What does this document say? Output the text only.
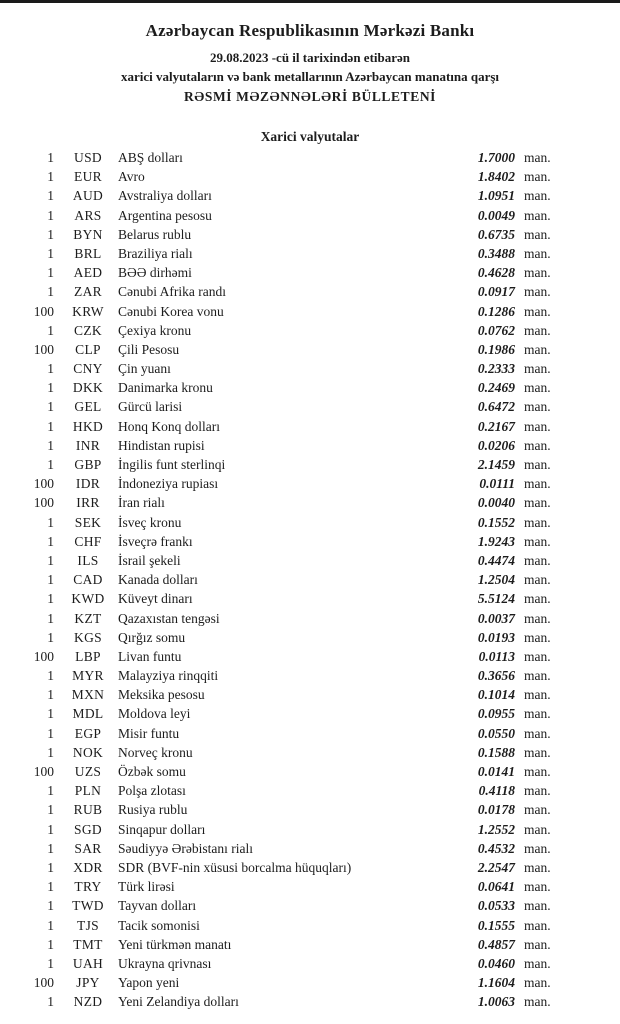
Azərbaycan Respublikasının Mərkəzi Bankı
29.08.2023 -cü il tarixindən etibarən
xarici valyutaların və bank metallarının Azərbaycan manatına qarşı
RƏSMİ MƏZƏNNƏLƏRİ BÜLLETENİ
Xarici valyutalar
1	USD	ABŞ dolları	1.7000 man.
1	EUR	Avro	1.8402 man.
1	AUD	Avstraliya dolları	1.0951 man.
1	ARS	Argentina pesosu	0.0049 man.
1	BYN	Belarus rublu	0.6735 man.
1	BRL	Braziliya rialı	0.3488 man.
1	AED	BƏƏ dirhəmi	0.4628 man.
1	ZAR	Cənubi Afrika randı	0.0917 man.
100	KRW	Cənubi Korea vonu	0.1286 man.
1	CZK	Çexiya kronu	0.0762 man.
100	CLP	Çili Pesosu	0.1986 man.
1	CNY	Çin yuanı	0.2333 man.
1	DKK	Danimarka kronu	0.2469 man.
1	GEL	Gürcü larisi	0.6472 man.
1	HKD	Honq Konq dolları	0.2167 man.
1	INR	Hindistan rupisi	0.0206 man.
1	GBP	İngilis funt sterlinqi	2.1459 man.
100	IDR	İndoneziya rupiası	0.0111 man.
100	IRR	İran rialı	0.0040 man.
1	SEK	İsveç kronu	0.1552 man.
1	CHF	İsveçrə frankı	1.9243 man.
1	ILS	İsrail şekeli	0.4474 man.
1	CAD	Kanada dolları	1.2504 man.
1	KWD Küveyt dinarı	5.5124 man.
1	KZT	Qazaxıstan tengəsi	0.0037 man.
1	KGS	Qırğız somu	0.0193 man.
100	LBP	Livan funtu	0.0113 man.
1	MYR	Malayziya rinqqiti	0.3656 man.
1	MXN	Meksika pesosu	0.1014 man.
1	MDL	Moldova leyi	0.0955 man.
1	EGP	Misir funtu	0.0550 man.
1	NOK	Norveç kronu	0.1588 man.
100	UZS	Özbək somu	0.0141 man.
1	PLN	Polşa zlotası	0.4118 man.
1	RUB	Rusiya rublu	0.0178 man.
1	SGD	Sinqapur dolları	1.2552 man.
1	SAR	Səudiyyə Ərəbistanı rialı	0.4532 man.
1	XDR	SDR (BVF-nin xüsusi borcalma hüquqları)	2.2547 man.
1	TRY	Türk lirəsi	0.0641 man.
1	TWD	Tayvan dolları	0.0533 man.
1	TJS	Tacik somonisi	0.1555 man.
1	TMT	Yeni türkmən manatı	0.4857 man.
1	UAH	Ukrayna qrivnası	0.0460 man.
100	JPY	Yapon yeni	1.1604 man.
1	NZD	Yeni Zelandiya dolları	1.0063 man.
